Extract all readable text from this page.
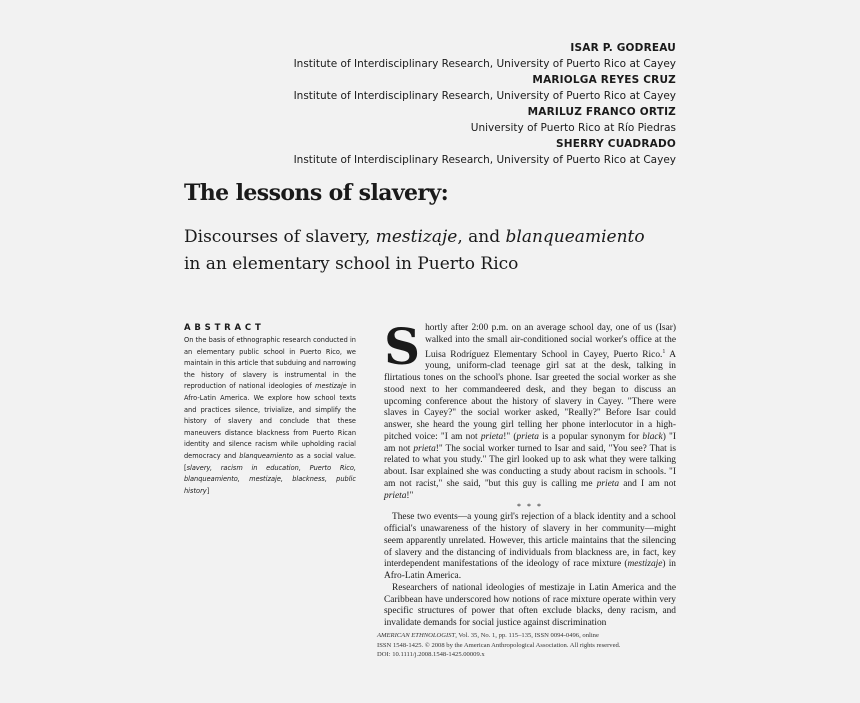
ISAR P. GODREAU
Institute of Interdisciplinary Research, University of Puerto Rico at Cayey
MARIOLGA REYES CRUZ
Institute of Interdisciplinary Research, University of Puerto Rico at Cayey
MARILUZ FRANCO ORTIZ
University of Puerto Rico at Río Piedras
SHERRY CUADRADO
Institute of Interdisciplinary Research, University of Puerto Rico at Cayey
The lessons of slavery:
Discourses of slavery, mestizaje, and blanqueamiento
in an elementary school in Puerto Rico
ABSTRACT
On the basis of ethnographic research conducted in an elementary public school in Puerto Rico, we maintain in this article that subduing and narrowing the history of slavery is instrumental in the reproduction of national ideologies of mestizaje in Afro-Latin America. We explore how school texts and practices silence, trivialize, and simplify the history of slavery and conclude that these maneuvers distance blackness from Puerto Rican identity and silence racism while upholding racial democracy and blanqueamiento as a social value. [slavery, racism in education, Puerto Rico, blanqueamiento, mestizaje, blackness, public history]

Shortly after 2:00 p.m. on an average school day, one of us (Isar) walked into the small air-conditioned social worker's office at the Luisa Rodríguez Elementary School in Cayey, Puerto Rico.$^1$ A young, uniform-clad teenage girl sat at the desk, talking in flirtatious tones on the school's phone. Isar greeted the social worker as she stood next to her commandeered desk, and they began to discuss an upcoming conference about the history of slavery in Cayey. "There were slaves in Cayey?" the social worker asked, "Really?" Before Isar could answer, she heard the young girl telling her phone interlocutor in a high-pitched voice: "I am not prieta!" (prieta is a popular synonym for black) "I am not prieta!" The social worker turned to Isar and said, "You see? That is related to what you study." The girl looked up to ask what they were talking about. Isar explained she was conducting a study about racism in schools. "I am not racist," she said, "but this guy is calling me prieta and I am not prieta!"

* * *

These two events—a young girl's rejection of a black identity and a school official's unawareness of the history of slavery in her community—might seem apparently unrelated. However, this article maintains that the silencing of slavery and the distancing of individuals from blackness are, in fact, key interdependent manifestations of the ideology of race mixture (mestizaje) in Afro-Latin America.

Researchers of national ideologies of mestizaje in Latin America and the Caribbean have underscored how notions of race mixture operate within very specific structures of power that often exclude blacks, deny racism, and invalidate demands for social justice against discrimination

AMERICAN ETHNOLOGIST, Vol. 35, No. 1, pp. 115–135, ISSN 0094-0496, online
ISSN 1548-1425. © 2008 by the American Anthropological Association. All rights reserved.
DOI: 10.1111/j.2008.1548-1425.00009.x
